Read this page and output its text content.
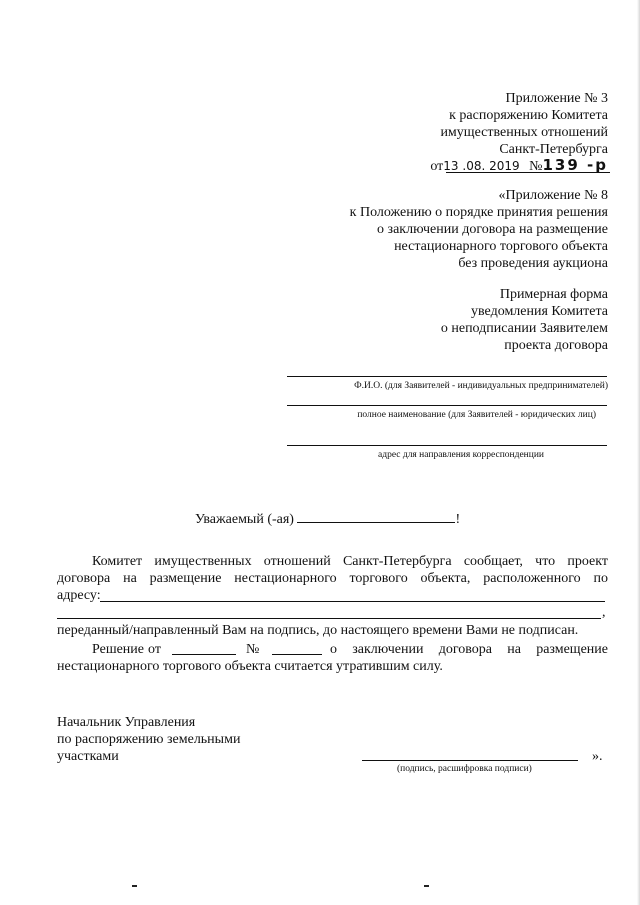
Приложение № 3
к распоряжению Комитета
имущественных отношений
Санкт-Петербурга
от13 .08. 2019 №139 -р
«Приложение № 8
к Положению о порядке принятия решения
о заключении договора на размещение
нестационарного торгового объекта
без проведения аукциона
Примерная форма
уведомления Комитета
о неподписании Заявителем
проекта договора
Ф.И.О. (для Заявителей - индивидуальных предпринимателей)
полное наименование (для Заявителей - юридических лиц)
адрес для направления корреспонденции
Уважаемый (-ая)	!
Комитет имущественных отношений Санкт-Петербурга сообщает, что проект
договора на размещение нестационарного торгового объекта, расположенного по
адресу:
,
переданный/направленный Вам на подпись, до настоящего времени Вами не подписан.
Решение от	№	о заключении договора на размещение
нестационарного торгового объекта считается утратившим силу.
Начальник Управления
по распоряжению земельными
участками	».
(подпись, расшифровка подписи)
